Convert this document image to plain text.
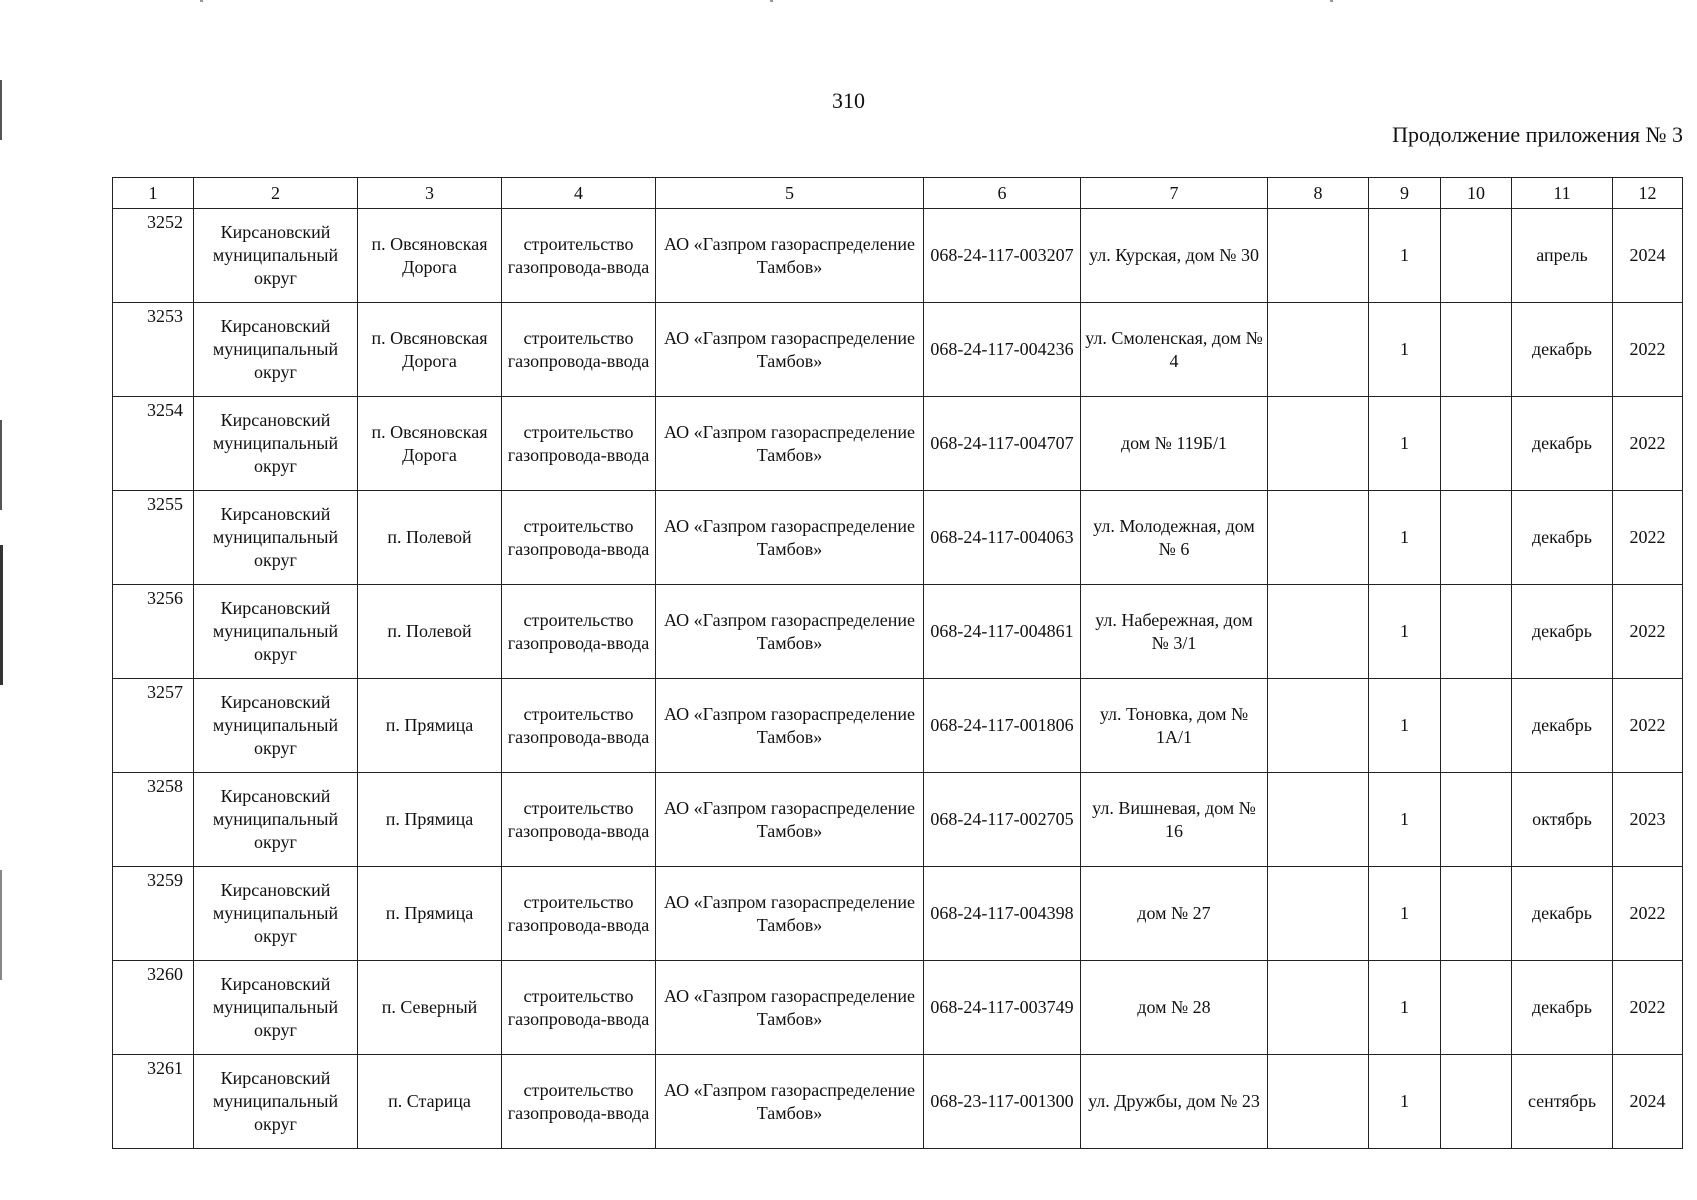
310
Продолжение приложения № 3
1	2	3	4	5	6	7	8	9	10	11	12
3252	Кирсановский муниципальный округ	п. Овсяновская Дорога	строительство газопровода-ввода	АО «Газпром газораспределение Тамбов»	068-24-117-003207	ул. Курская, дом № 30		1		апрель	2024
3253	Кирсановский муниципальный округ	п. Овсяновская Дорога	строительство газопровода-ввода	АО «Газпром газораспределение Тамбов»	068-24-117-004236	ул. Смоленская, дом № 4		1		декабрь	2022
3254	Кирсановский муниципальный округ	п. Овсяновская Дорога	строительство газопровода-ввода	АО «Газпром газораспределение Тамбов»	068-24-117-004707	дом № 119Б/1		1		декабрь	2022
3255	Кирсановский муниципальный округ	п. Полевой	строительство газопровода-ввода	АО «Газпром газораспределение Тамбов»	068-24-117-004063	ул. Молодежная, дом № 6		1		декабрь	2022
3256	Кирсановский муниципальный округ	п. Полевой	строительство газопровода-ввода	АО «Газпром газораспределение Тамбов»	068-24-117-004861	ул. Набережная, дом № 3/1		1		декабрь	2022
3257	Кирсановский муниципальный округ	п. Прямица	строительство газопровода-ввода	АО «Газпром газораспределение Тамбов»	068-24-117-001806	ул. Тоновка, дом № 1А/1		1		декабрь	2022
3258	Кирсановский муниципальный округ	п. Прямица	строительство газопровода-ввода	АО «Газпром газораспределение Тамбов»	068-24-117-002705	ул. Вишневая, дом № 16		1		октябрь	2023
3259	Кирсановский муниципальный округ	п. Прямица	строительство газопровода-ввода	АО «Газпром газораспределение Тамбов»	068-24-117-004398	дом № 27		1		декабрь	2022
3260	Кирсановский муниципальный округ	п. Северный	строительство газопровода-ввода	АО «Газпром газораспределение Тамбов»	068-24-117-003749	дом № 28		1		декабрь	2022
3261	Кирсановский муниципальный округ	п. Старица	строительство газопровода-ввода	АО «Газпром газораспределение Тамбов»	068-23-117-001300	ул. Дружбы, дом № 23		1		сентябрь	2024
